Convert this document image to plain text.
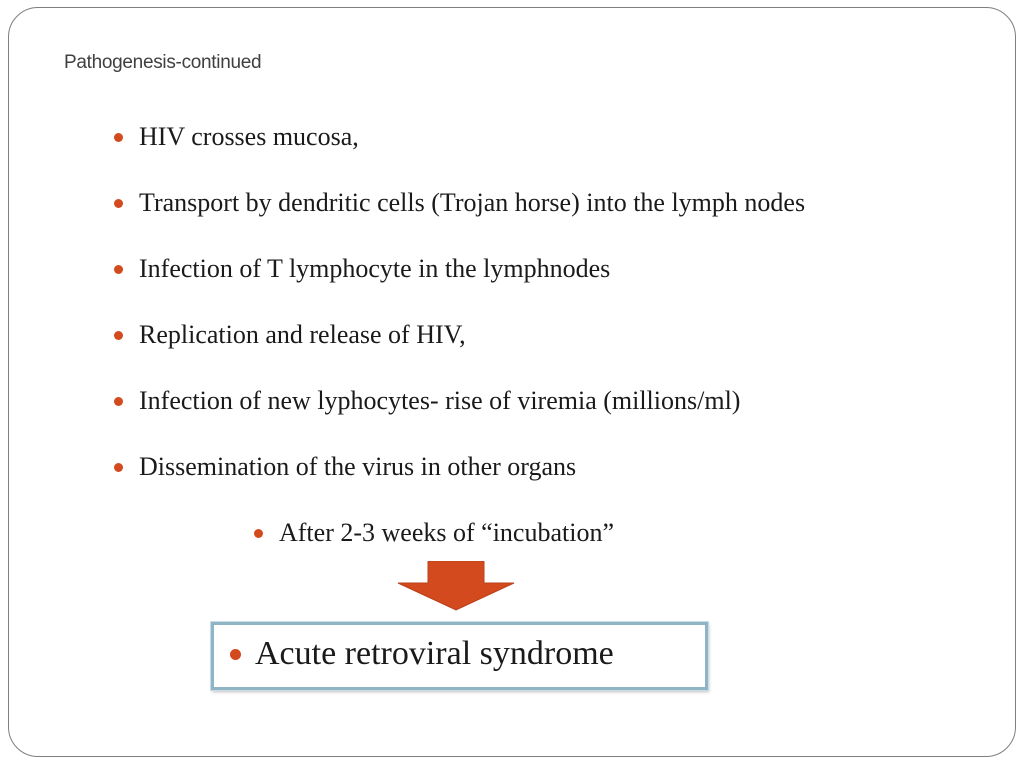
Pathogenesis-continued
HIV crosses mucosa,
Transport by dendritic cells (Trojan horse) into the lymph nodes
Infection of T lymphocyte in the lymphnodes
Replication and release of HIV,
Infection of new lyphocytes- rise of viremia (millions/ml)
Dissemination of the virus in other organs
After 2-3 weeks of “incubation”
Acute retroviral syndrome
